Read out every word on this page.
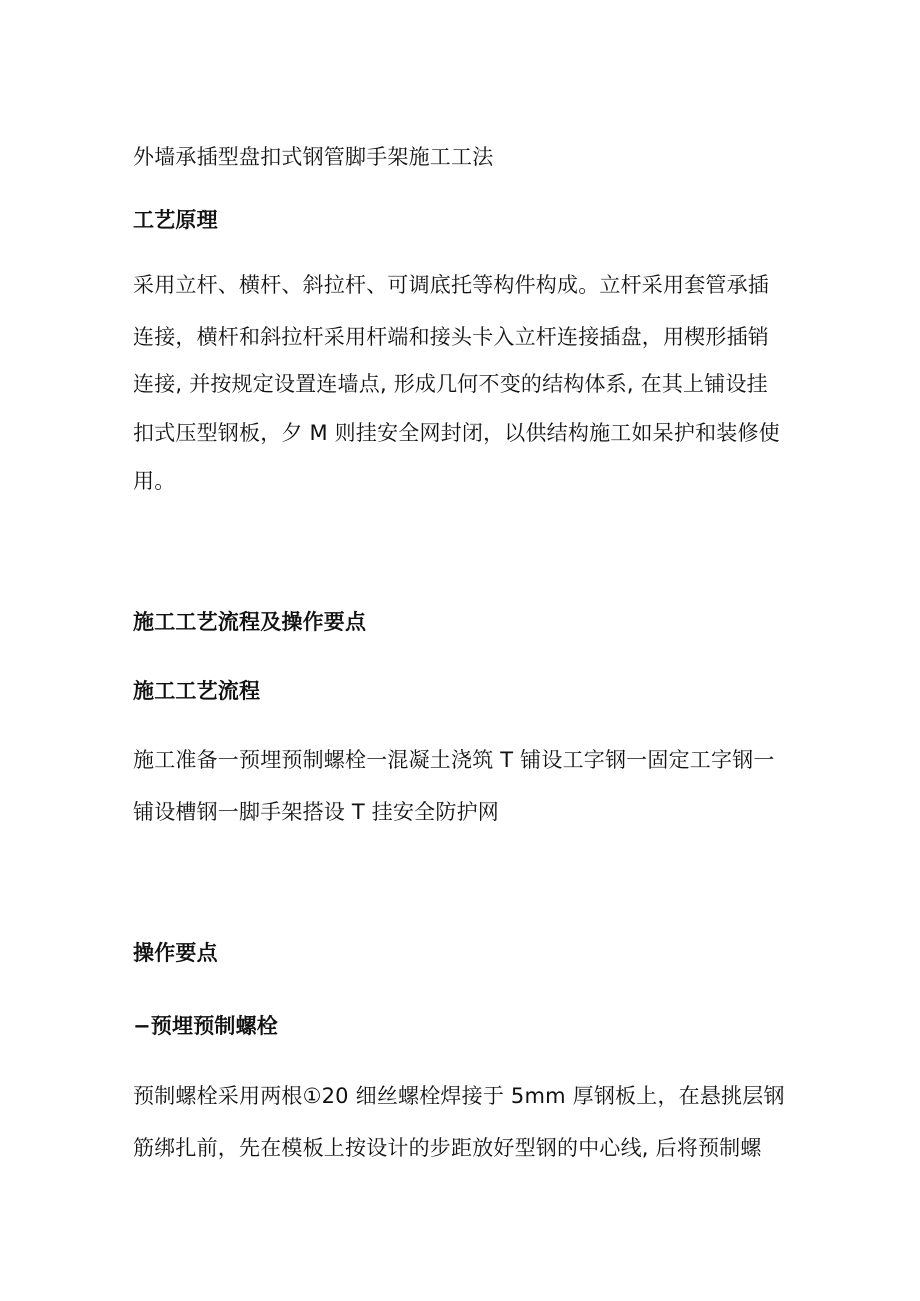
外墙承插型盘扣式钢管脚手架施工工法
工艺原理
采用立杆、横杆、斜拉杆、可调底托等构件构成。立杆采用套管承插
连接，横杆和斜拉杆采用杆端和接头卡入立杆连接插盘，用楔形插销
连接, 并按规定设置连墙点, 形成几何不变的结构体系, 在其上铺设挂
扣式压型钢板，夕 M 则挂安全网封闭，以供结构施工如呆护和装修使
用。
施工工艺流程及操作要点
施工工艺流程
施工准备一预埋预制螺栓一混凝土浇筑 T 铺设工字钢一固定工字钢一
铺设槽钢一脚手架搭设 T 挂安全防护网
操作要点
−预埋预制螺栓
预制螺栓采用两根①20 细丝螺栓焊接于 5mm 厚钢板上，在悬挑层钢
筋绑扎前，先在模板上按设计的步距放好型钢的中心线, 后将预制螺
